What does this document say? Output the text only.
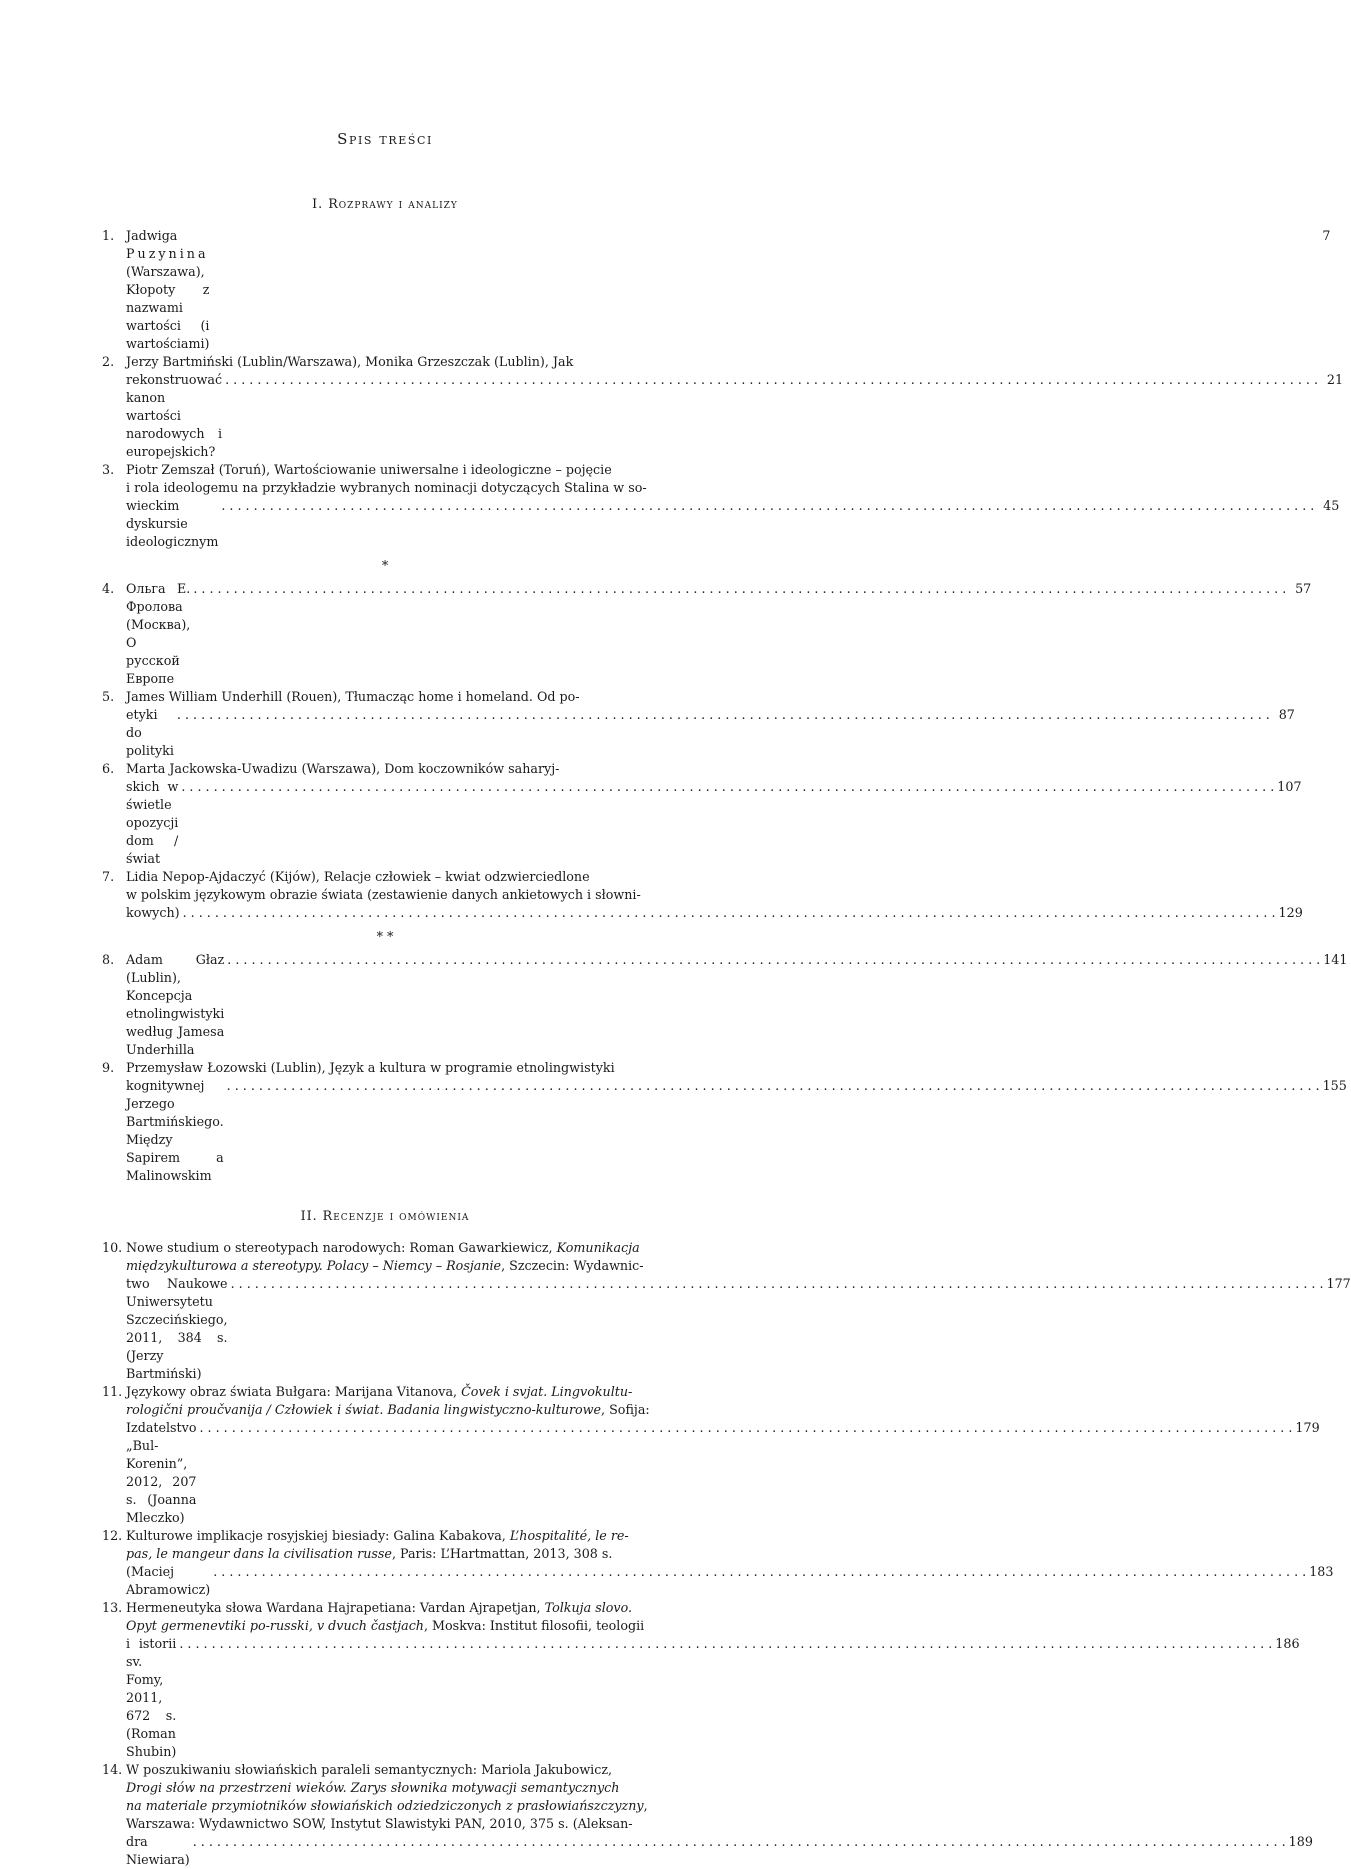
Spis treści
I. Rozprawy i analizy
1. Jadwiga Puzynina (Warszawa), Kłopoty z nazwami wartości (i wartościami)
7
2. Jerzy Bartmiński (Lublin/Warszawa), Monika Grzeszczak (Lublin), Jak
rekonstruować kanon wartości narodowych i europejskich?
. . .
21
3. Piotr Zemszał (Toruń), Wartościowanie uniwersalne i ideologiczne – pojęcie
i rola ideologemu na przykładzie wybranych nominacji dotyczących Stalina w so-
wieckim dyskursie ideologicznym
. . .
45
*
4. Ольга Е. Фролова (Москва), О русской Европе
. . .
57
5. James William Underhill (Rouen), Tłumacząc home i homeland. Od po-
etyki do polityki
. . .
87
6. Marta Jackowska-Uwadizu (Warszawa), Dom koczowników saharyj-
skich w świetle opozycji dom / świat
. . .
107
7. Lidia Nepop-Ajdaczyć (Kijów), Relacje człowiek – kwiat odzwierciedlone
w polskim językowym obrazie świata (zestawienie danych ankietowych i słowni-
kowych)
. . .	129
* *
8. Adam Głaz (Lublin), Koncepcja etnolingwistyki według Jamesa Underhilla
. . .
141
9. Przemysław Łozowski (Lublin), Język a kultura w programie etnolingwistyki
kognitywnej Jerzego Bartmińskiego. Między Sapirem a Malinowskim
. . .
155
II. Recenzje i omówienia
10. Nowe studium o stereotypach narodowych: Roman Gawarkiewicz, Komunikacja
międzykulturowa a stereotypy. Polacy – Niemcy – Rosjanie, Szczecin: Wydawnic-
two Naukowe Uniwersytetu Szczecińskiego, 2011, 384 s. (Jerzy Bartmiński)
. . .
177
11. Językowy obraz świata Bułgara: Marijana Vitanova, Čovek i svjat. Lingvokultu-
rologični proučvanija / Człowiek i świat. Badania lingwistyczno-kulturowe, Sofija:
Izdatelstvo „Bul-Korenin”, 2012, 207 s. (Joanna Mleczko)
. . .
179
12. Kulturowe implikacje rosyjskiej biesiady: Galina Kabakova, L’hospitalité, le re-
pas, le mangeur dans la civilisation russe, Paris: L’Hartmattan, 2013, 308 s.
(Maciej Abramowicz)
. . .
183
13. Hermeneutyka słowa Wardana Hajrapetiana: Vardan Ajrapetjan, Tolkuja slovo.
Opyt germenevtiki po-russki, v dvuch častjach, Moskva: Institut filosofii, teologii
i istorii sv. Fomy, 2011, 672 s. (Roman Shubin)
. . .
186
14. W poszukiwaniu słowiańskich paraleli semantycznych: Mariola Jakubowicz,
Drogi słów na przestrzeni wieków. Zarys słownika motywacji semantycznych
na materiale przymiotników słowiańskich odziedziczonych z prasłowiańszczyzny,
Warszawa: Wydawnictwo SOW, Instytut Slawistyki PAN, 2010, 375 s. (Aleksan-
dra Niewiara)
. . .
189
